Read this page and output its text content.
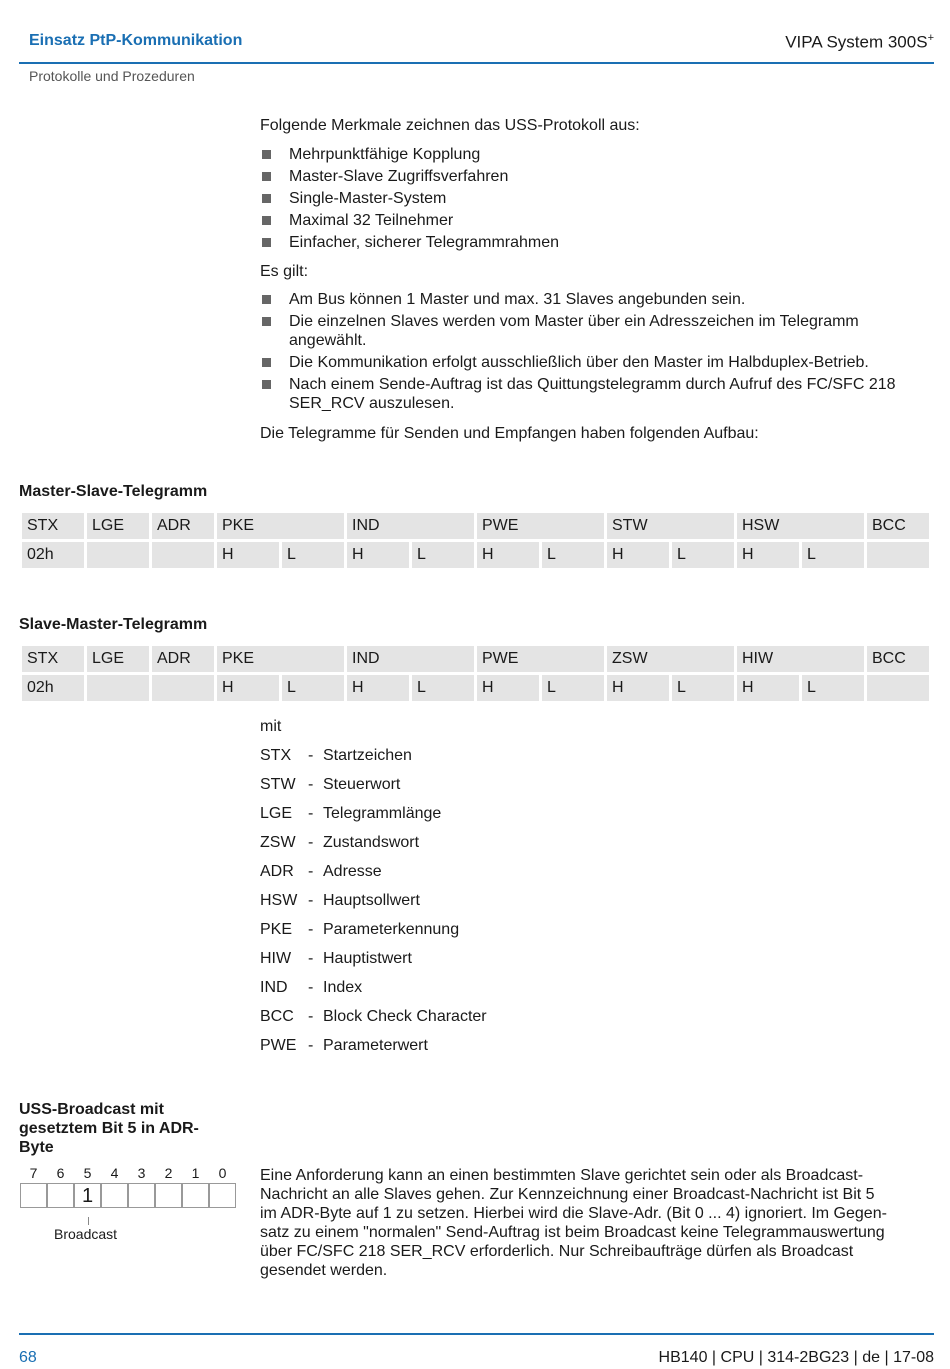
Einsatz PtP-Kommunikation	VIPA System 300S+
Protokolle und Prozeduren
Folgende Merkmale zeichnen das USS-Protokoll aus:
Mehrpunktfähige Kopplung
Master-Slave Zugriffsverfahren
Single-Master-System
Maximal 32 Teilnehmer
Einfacher, sicherer Telegrammrahmen
Es gilt:
Am Bus können 1 Master und max. 31 Slaves angebunden sein.
Die einzelnen Slaves werden vom Master über ein Adresszeichen im Telegramm angewählt.
Die Kommunikation erfolgt ausschließlich über den Master im Halbduplex-Betrieb.
Nach einem Sende-Auftrag ist das Quittungstelegramm durch Aufruf des FC/SFC 218 SER_RCV auszulesen.
Die Telegramme für Senden und Empfangen haben folgenden Aufbau:
Master-Slave-Telegramm
STX	LGE	ADR	PKE		IND		PWE		STW		HSW		BCC
02h			H	L	H	L	H	L	H	L	H	L	
Slave-Master-Telegramm
STX	LGE	ADR	PKE		IND		PWE		ZSW		HIW		BCC
02h			H	L	H	L	H	L	H	L	H	L	
mit
STX	- Startzeichen
STW - Steuerwort
LGE - Telegrammlänge
ZSW - Zustandswort
ADR - Adresse
HSW - Hauptsollwert
PKE - Parameterkennung
HIW	- Hauptistwert
IND	- Index
BCC - Block Check Character
PWE - Parameterwert
USS-Broadcast mit
gesetztem Bit 5 in ADR-
Byte
7	6	5	4	3	2	1	0
1
Broadcast
Eine Anforderung kann an einen bestimmten Slave gerichtet sein oder als Broadcast-
Nachricht an alle Slaves gehen. Zur Kennzeichnung einer Broadcast-Nachricht ist Bit 5
im ADR-Byte auf 1 zu setzen. Hierbei wird die Slave-Adr. (Bit 0 ... 4) ignoriert. Im Gegen-
satz zu einem "normalen" Send-Auftrag ist beim Broadcast keine Telegrammauswertung
über FC/SFC 218 SER_RCV erforderlich. Nur Schreibaufträge dürfen als Broadcast
gesendet werden.
68	HB140 | CPU | 314-2BG23 | de | 17-08
